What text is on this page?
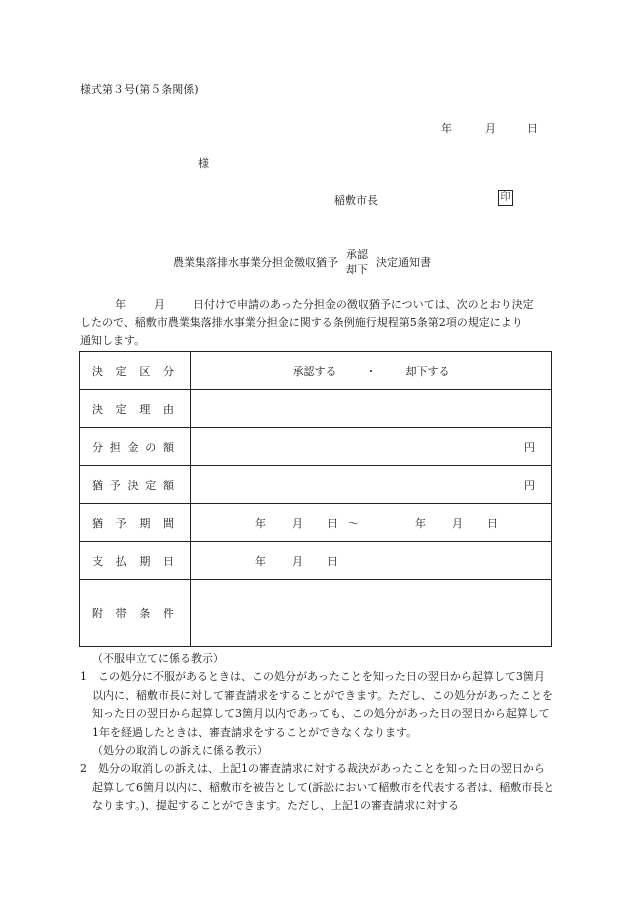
様式第３号(第５条関係)
年	月	日
様
稲敷市長	印
農業集落排水事業分担金徴収猶予
承認
却下
決定通知書

年	月	日付けで申請のあった分担金の徴収猶予については、次のとおり決定

したので、稲敷市農業集落排水事業分担金に関する条例施行規程第5条第2項の規定により

通知します。

決 定 区 分	承認する ・ 却下する

決 定 理 由	

分 担 金 の 額	円

猶 予 決 定 額	円

猶 予 期 間	年 月 日 ～ 年 月 日

支 払 期 日	年 月 日

附 帯 条 件	

（不服申立てに係る教示）

1　この処分に不服があるときは、この処分があったことを知った日の翌日から起算して3箇月以内に、稲敷市長に対して審査請求をすることができます。ただし、この処分があったことを知った日の翌日から起算して3箇月以内であっても、この処分があった日の翌日から起算して1年を経過したときは、審査請求をすることができなくなります。

（処分の取消しの訴えに係る教示）

2　処分の取消しの訴えは、上記1の審査請求に対する裁決があったことを知った日の翌日から起算して6箇月以内に、稲敷市を被告として(訴訟において稲敷市を代表する者は、稲敷市長となります。)、提起することができます。ただし、上記1の審査請求に対する
